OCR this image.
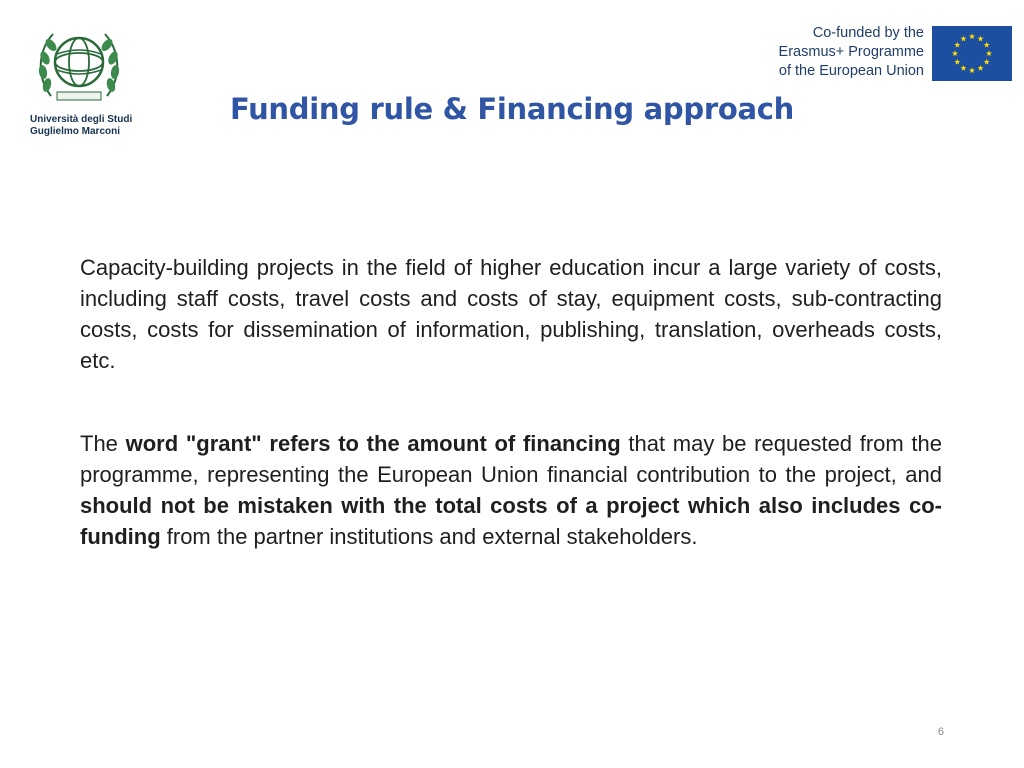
Università degli Studi
Guglielmo Marconi
Co-funded by the
Erasmus+ Programme
of the European Union
Funding rule & Financing approach
Capacity-building projects in the field of higher education incur a large variety of costs, including staff costs, travel costs and costs of stay, equipment costs, sub-contracting costs, costs for dissemination of information, publishing, translation, overheads costs, etc.
The word "grant" refers to the amount of financing that may be requested from the programme, representing the European Union financial contribution to the project, and should not be mistaken with the total costs of a project which also includes co-funding from the partner institutions and external stakeholders.
6
